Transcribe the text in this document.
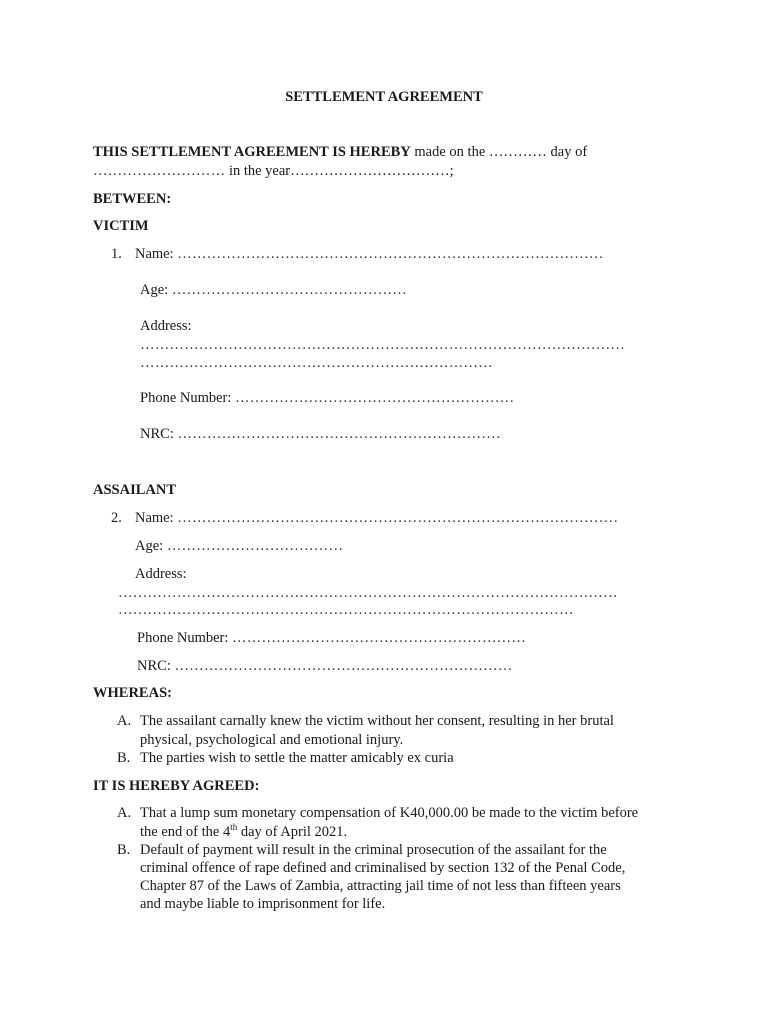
SETTLEMENT AGREEMENT
THIS SETTLEMENT AGREEMENT IS HEREBY made on the ………… day of
……………………… in the year……………………………;
BETWEEN:
VICTIM
1. Name: ……………………………………………………………………………
Age: …………………………………………
Address:
………………………………………………………………………………………
………………………………………………………………
Phone Number: …………………………………………………
NRC: …………………………………………………………
ASSAILANT
2. Name: ………………………………………………………………………………
Age: ………………………………
Address:
…………………………………………………………………………………………
…………………………………………………………………………………
Phone Number: ……………………………………………………
NRC: ……………………………………………………………
WHEREAS:
A. The assailant carnally knew the victim without her consent, resulting in her brutal
physical, psychological and emotional injury.
B. The parties wish to settle the matter amicably ex curia
IT IS HEREBY AGREED:
A. That a lump sum monetary compensation of K40,000.00 be made to the victim before
the end of the 4th day of April 2021.
B. Default of payment will result in the criminal prosecution of the assailant for the
criminal offence of rape defined and criminalised by section 132 of the Penal Code,
Chapter 87 of the Laws of Zambia, attracting jail time of not less than fifteen years
and maybe liable to imprisonment for life.
